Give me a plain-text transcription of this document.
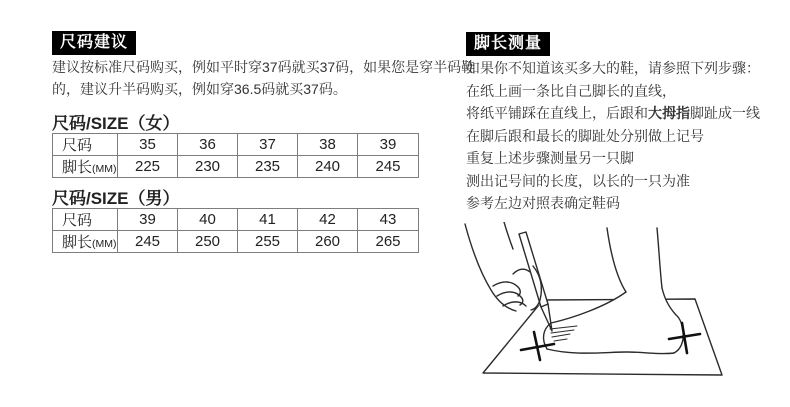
尺码建议

建议按标准尺码购买，例如平时穿37码就买37码，如果您是穿半码鞋
的，建议升半码购买，例如穿36.5码就买37码。

尺码/SIZE（女）
尺码	35	36	37	38	39
脚长(MM)	225	230	235	240	245
尺码/SIZE（男）
尺码	39	40	41	42	43
脚长(MM)	245	250	255	260	265
脚长测量
如果你不知道该买多大的鞋，请参照下列步骤：
在纸上画一条比自己脚长的直线，
将纸平铺踩在直线上，后跟和大拇指脚趾成一线
在脚后跟和最长的脚趾处分别做上记号
重复上述步骤测量另一只脚
测出记号间的长度，以长的一只为准
参考左边对照表确定鞋码
